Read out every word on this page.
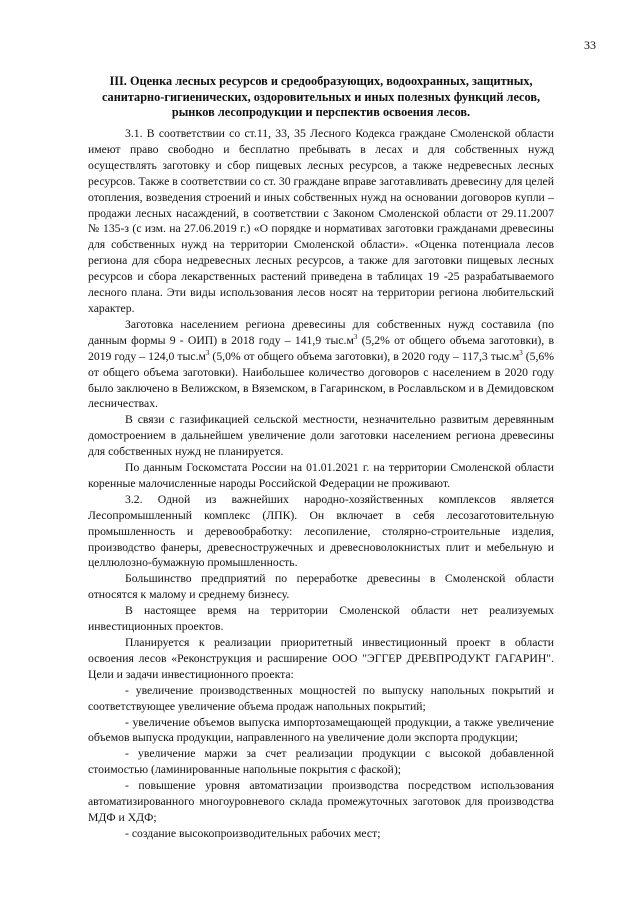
33
III. Оценка лесных ресурсов и средообразующих, водоохранных, защитных, санитарно-гигиенических, оздоровительных и иных полезных функций лесов, рынков лесопродукции и перспектив освоения лесов.

3.1. В соответствии со ст.11, 33, 35 Лесного Кодекса граждане Смоленской области имеют право свободно и бесплатно пребывать в лесах и для собственных нужд осуществлять заготовку и сбор пищевых лесных ресурсов, а также недревесных лесных ресурсов. Также в соответствии со ст. 30 граждане вправе заготавливать древесину для целей отопления, возведения строений и иных собственных нужд на основании договоров купли – продажи лесных насаждений, в соответствии с Законом Смоленской области от 29.11.2007 № 135-з (с изм. на 27.06.2019 г.) «О порядке и нормативах заготовки гражданами древесины для собственных нужд на территории Смоленской области». «Оценка потенциала лесов региона для сбора недревесных лесных ресурсов, а также для заготовки пищевых лесных ресурсов и сбора лекарственных растений приведена в таблицах 19 -25 разрабатываемого лесного плана. Эти виды использования лесов носят на территории региона любительский характер.

Заготовка населением региона древесины для собственных нужд составила (по данным формы 9 - ОИП) в 2018 году – 141,9 $тыс.м^3$ (5,2% от общего объема заготовки), в 2019 году – 124,0 $тыс.м^3$ (5,0% от общего объема заготовки), в 2020 году – 117,3 $тыс.м^3$ (5,6% от общего объема заготовки). Наибольшее количество договоров с населением в 2020 году было заключено в Велижском, в Вяземском, в Гагаринском, в Рославльском и в Демидовском лесничествах.

В связи с газификацией сельской местности, незначительно развитым деревянным домостроением в дальнейшем увеличение доли заготовки населением региона древесины для собственных нужд не планируется.

По данным Госкомстата России на 01.01.2021 г. на территории Смоленской области коренные малочисленные народы Российской Федерации не проживают.

3.2. Одной из важнейших народно-хозяйственных комплексов является Лесопромышленный комплекс (ЛПК). Он включает в себя лесозаготовительную промышленность и деревообработку: лесопиление, столярно-строительные изделия, производство фанеры, древесностружечных и древесноволокнистых плит и мебельную и целлюлозно-бумажную промышленность.

Большинство предприятий по переработке древесины в Смоленской области относятся к малому и среднему бизнесу.

В настоящее время на территории Смоленской области нет реализуемых инвестиционных проектов.

Планируется к реализации приоритетный инвестиционный проект в области освоения лесов «Реконструкция и расширение ООО "ЭГГЕР ДРЕВПРОДУКТ ГАГАРИН". Цели и задачи инвестиционного проекта:

- увеличение производственных мощностей по выпуску напольных покрытий и соответствующее увеличение объема продаж напольных покрытий;

- увеличение объемов выпуска импортозамещающей продукции, а также увеличение объемов выпуска продукции, направленного на увеличение доли экспорта продукции;

- увеличение маржи за счет реализации продукции с высокой добавленной стоимостью (ламинированные напольные покрытия с фаской);

- повышение уровня автоматизации производства посредством использования автоматизированного многоуровневого склада промежуточных заготовок для производства МДФ и ХДФ;

- создание высокопроизводительных рабочих мест;
